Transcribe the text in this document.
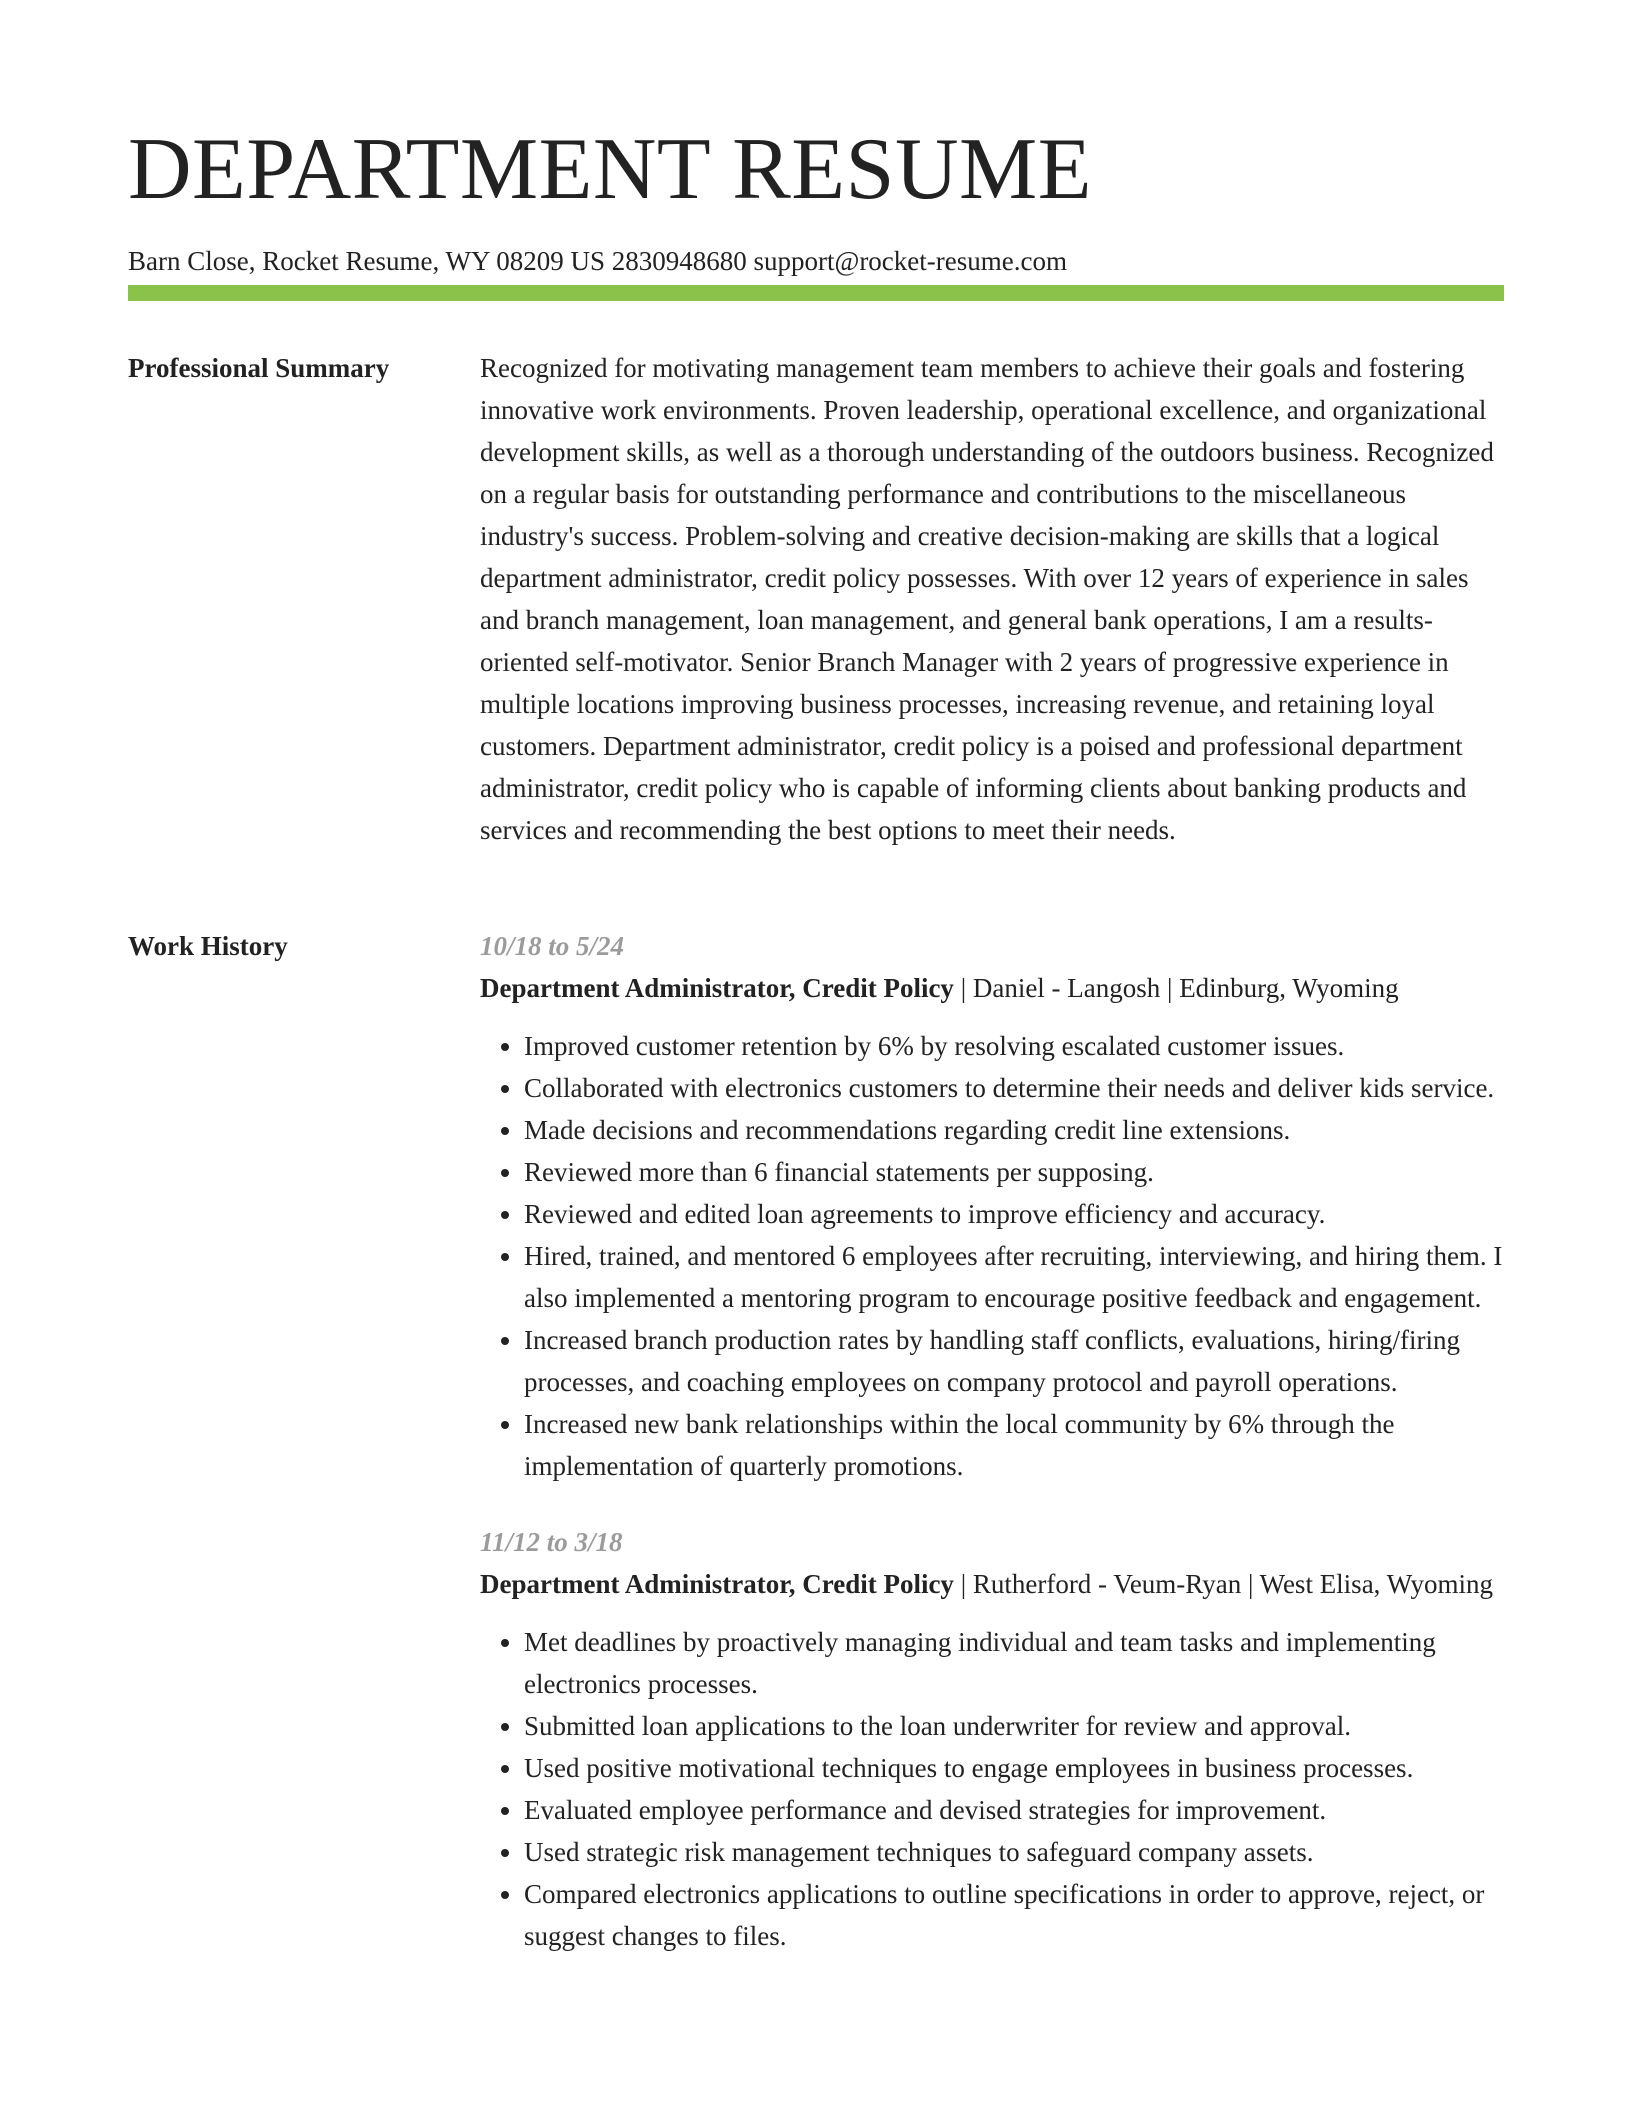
DEPARTMENT RESUME
Barn Close, Rocket Resume, WY 08209 US 2830948680 support@rocket-resume.com
Professional Summary	Recognized for motivating management team members to achieve their goals and fostering innovative work environments. Proven leadership, operational excellence, and organizational development skills, as well as a thorough understanding of the outdoors business. Recognized on a regular basis for outstanding performance and contributions to the miscellaneous industry's success. Problem-solving and creative decision-making are skills that a logical department administrator, credit policy possesses. With over 12 years of experience in sales and branch management, loan management, and general bank operations, I am a results-oriented self-motivator. Senior Branch Manager with 2 years of progressive experience in multiple locations improving business processes, increasing revenue, and retaining loyal customers. Department administrator, credit policy is a poised and professional department administrator, credit policy who is capable of informing clients about banking products and services and recommending the best options to meet their needs.

Work History	10/18 to 5/24
Department Administrator, Credit Policy | Daniel - Langosh | Edinburg, Wyoming
• Improved customer retention by 6% by resolving escalated customer issues.
• Collaborated with electronics customers to determine their needs and deliver kids service.
• Made decisions and recommendations regarding credit line extensions.
• Reviewed more than 6 financial statements per supposing.
• Reviewed and edited loan agreements to improve efficiency and accuracy.
• Hired, trained, and mentored 6 employees after recruiting, interviewing, and hiring them. I also implemented a mentoring program to encourage positive feedback and engagement.
• Increased branch production rates by handling staff conflicts, evaluations, hiring/firing processes, and coaching employees on company protocol and payroll operations.
• Increased new bank relationships within the local community by 6% through the implementation of quarterly promotions.
11/12 to 3/18
Department Administrator, Credit Policy | Rutherford - Veum-Ryan | West Elisa, Wyoming
• Met deadlines by proactively managing individual and team tasks and implementing electronics processes.
• Submitted loan applications to the loan underwriter for review and approval.
• Used positive motivational techniques to engage employees in business processes.
• Evaluated employee performance and devised strategies for improvement.
• Used strategic risk management techniques to safeguard company assets.
• Compared electronics applications to outline specifications in order to approve, reject, or suggest changes to files.
